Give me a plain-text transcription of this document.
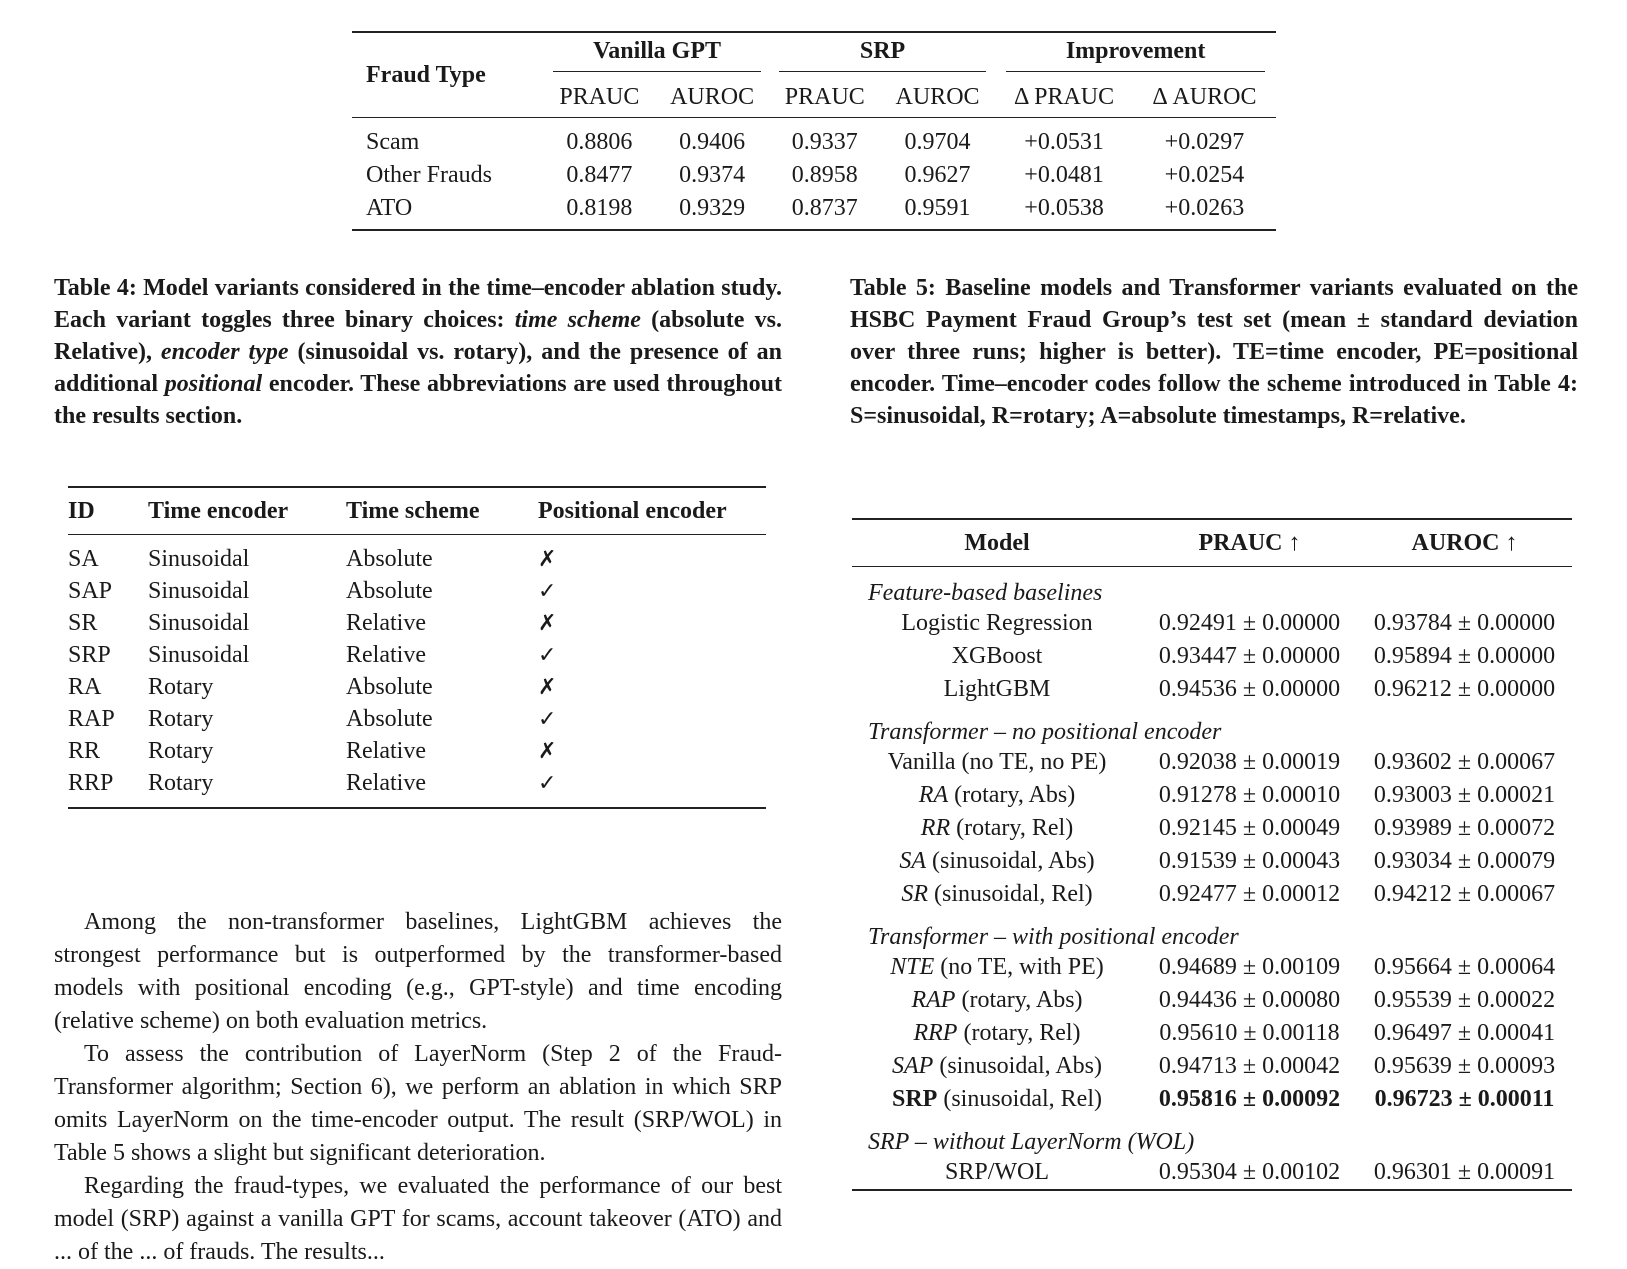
Fraud Type	Vanilla GPT		SRP		Improvement	
	PRAUC	AUROC	PRAUC	AUROC	Δ PRAUC	Δ AUROC
Scam	0.8806	0.9406	0.9337	0.9704	+0.0531	+0.0297
Other Frauds	0.8477	0.9374	0.8958	0.9627	+0.0481	+0.0254
ATO	0.8198	0.9329	0.8737	0.9591	+0.0538	+0.0263

Table 4: Model variants considered in the time–encoder ablation study. Each variant toggles three binary choices: time scheme (absolute vs. Relative), encoder type (sinusoidal vs. rotary), and the presence of an additional positional encoder. These abbreviations are used throughout the results section.

Table 5: Baseline models and Transformer variants evaluated on the HSBC Payment Fraud Group’s test set (mean ± standard deviation over three runs; higher is better). TE=time encoder, PE=positional encoder. Time–encoder codes follow the scheme introduced in Table 4: S=sinusoidal, R=rotary; A=absolute timestamps, R=relative.

ID	Time encoder	Time scheme	Positional encoder
SA	Sinusoidal	Absolute	✗
SAP	Sinusoidal	Absolute	✓
SR	Sinusoidal	Relative	✗
SRP	Sinusoidal	Relative	✓
RA	Rotary	Absolute	✗
RAP	Rotary	Absolute	✓
RR	Rotary	Relative	✗
RRP	Rotary	Relative	✓

Among the non-transformer baselines, LightGBM achieves the strongest performance but is outperformed by the transformer-based models with positional encoding (e.g., GPT-style) and time encoding (relative scheme) on both evaluation metrics.

To assess the contribution of LayerNorm (Step 2 of the Fraud-Transformer algorithm; Section 6), we perform an ablation in which SRP omits LayerNorm on the time-encoder output. The result (SRP/WOL) in Table 5 shows a slight but significant deterioration.

Regarding the fraud-types, we evaluated the performance of our best model (SRP) against a vanilla GPT for scams, account takeover (ATO) and ... of the ... of frauds. The results...

Model	PRAUC ↑	AUROC ↑
Feature-based baselines		
Logistic Regression	0.92491 ± 0.00000	0.93784 ± 0.00000
XGBoost	0.93447 ± 0.00000	0.95894 ± 0.00000
LightGBM	0.94536 ± 0.00000	0.96212 ± 0.00000
Transformer – no positional encoder		
Vanilla (no TE, no PE)	0.92038 ± 0.00019	0.93602 ± 0.00067
RA (rotary, Abs)	0.91278 ± 0.00010	0.93003 ± 0.00021
RR (rotary, Rel)	0.92145 ± 0.00049	0.93989 ± 0.00072
SA (sinusoidal, Abs)	0.91539 ± 0.00043	0.93034 ± 0.00079
SR (sinusoidal, Rel)	0.92477 ± 0.00012	0.94212 ± 0.00067
Transformer – with positional encoder		
NTE (no TE, with PE)	0.94689 ± 0.00109	0.95664 ± 0.00064
RAP (rotary, Abs)	0.94436 ± 0.00080	0.95539 ± 0.00022
RRP (rotary, Rel)	0.95610 ± 0.00118	0.96497 ± 0.00041
SAP (sinusoidal, Abs)	0.94713 ± 0.00042	0.95639 ± 0.00093
SRP (sinusoidal, Rel)	0.95816 ± 0.00092	0.96723 ± 0.00011
SRP – without LayerNorm (WOL)		
SRP/WOL	0.95304 ± 0.00102	0.96301 ± 0.00091
